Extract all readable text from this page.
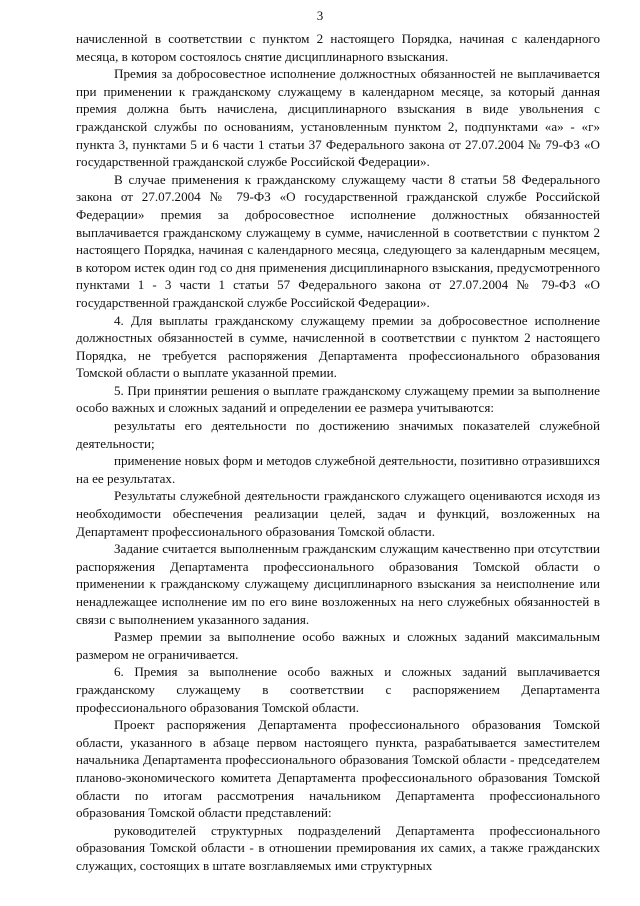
3

начисленной в соответствии с пунктом 2 настоящего Порядка, начиная с календарного месяца, в котором состоялось снятие дисциплинарного взыскания.

Премия за добросовестное исполнение должностных обязанностей не выплачивается при применении к гражданскому служащему в календарном месяце, за который данная премия должна быть начислена, дисциплинарного взыскания в виде увольнения с гражданской службы по основаниям, установленным пунктом 2, подпунктами «а» - «г» пункта 3, пунктами 5 и 6 части 1 статьи 37 Федерального закона от 27.07.2004 № 79-ФЗ «О государственной гражданской службе Российской Федерации».

В случае применения к гражданскому служащему части 8 статьи 58 Федерального закона от 27.07.2004 № 79-ФЗ «О государственной гражданской службе Российской Федерации» премия за добросовестное исполнение должностных обязанностей выплачивается гражданскому служащему в сумме, начисленной в соответствии с пунктом 2 настоящего Порядка, начиная с календарного месяца, следующего за календарным месяцем, в котором истек один год со дня применения дисциплинарного взыскания, предусмотренного пунктами 1 - 3 части 1 статьи 57 Федерального закона от 27.07.2004 № 79-ФЗ «О государственной гражданской службе Российской Федерации».

4. Для выплаты гражданскому служащему премии за добросовестное исполнение должностных обязанностей в сумме, начисленной в соответствии с пунктом 2 настоящего Порядка, не требуется распоряжения Департамента профессионального образования Томской области о выплате указанной премии.

5. При принятии решения о выплате гражданскому служащему премии за выполнение особо важных и сложных заданий и определении ее размера учитываются:

результаты его деятельности по достижению значимых показателей служебной деятельности;

применение новых форм и методов служебной деятельности, позитивно отразившихся на ее результатах.

Результаты служебной деятельности гражданского служащего оцениваются исходя из необходимости обеспечения реализации целей, задач и функций, возложенных на Департамент профессионального образования Томской области.

Задание считается выполненным гражданским служащим качественно при отсутствии распоряжения Департамента профессионального образования Томской области о применении к гражданскому служащему дисциплинарного взыскания за неисполнение или ненадлежащее исполнение им по его вине возложенных на него служебных обязанностей в связи с выполнением указанного задания.

Размер премии за выполнение особо важных и сложных заданий максимальным размером не ограничивается.

6. Премия за выполнение особо важных и сложных заданий выплачивается гражданскому служащему в соответствии с распоряжением Департамента профессионального образования Томской области.

Проект распоряжения Департамента профессионального образования Томской области, указанного в абзаце первом настоящего пункта, разрабатывается заместителем начальника Департамента профессионального образования Томской области - председателем планово-экономического комитета Департамента профессионального образования Томской области по итогам рассмотрения начальником Департамента профессионального образования Томской области представлений:

руководителей структурных подразделений Департамента профессионального образования Томской области - в отношении премирования их самих, а также гражданских служащих, состоящих в штате возглавляемых ими структурных
